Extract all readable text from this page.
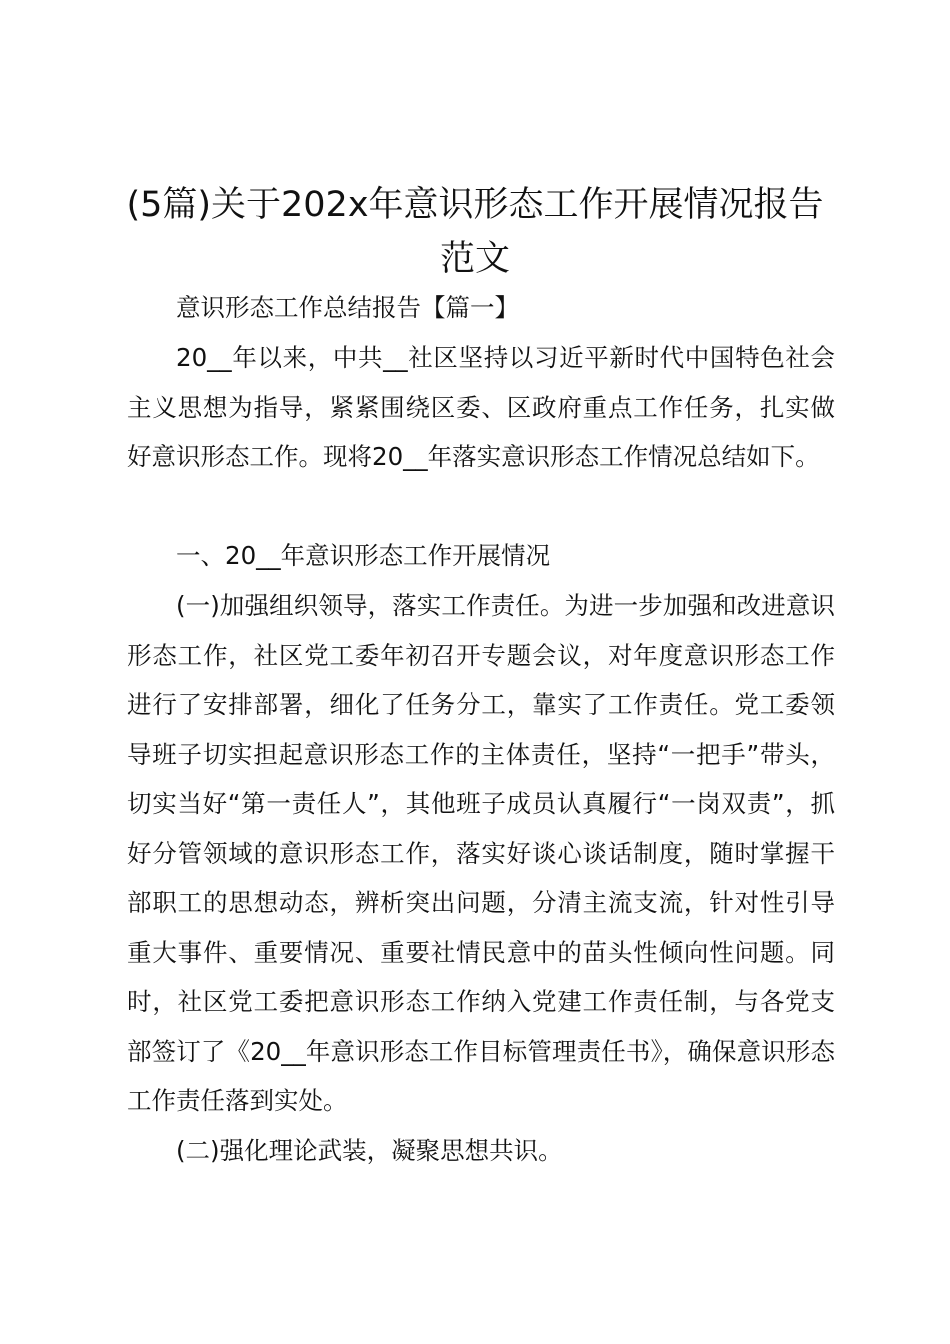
(5篇)关于202x年意识形态工作开展情况报告范文

意识形态工作总结报告【篇一】

20__年以来，中共__社区坚持以习近平新时代中国特色社会主义思想为指导，紧紧围绕区委、区政府重点工作任务，扎实做好意识形态工作。现将20__年落实意识形态工作情况总结如下。

一、20__年意识形态工作开展情况

(一)加强组织领导，落实工作责任。为进一步加强和改进意识形态工作，社区党工委年初召开专题会议，对年度意识形态工作进行了安排部署，细化了任务分工，靠实了工作责任。党工委领导班子切实担起意识形态工作的主体责任，坚持“一把手”带头，切实当好“第一责任人”，其他班子成员认真履行“一岗双责”，抓好分管领域的意识形态工作，落实好谈心谈话制度，随时掌握干部职工的思想动态，辨析突出问题，分清主流支流，针对性引导重大事件、重要情况、重要社情民意中的苗头性倾向性问题。同时，社区党工委把意识形态工作纳入党建工作责任制，与各党支部签订了《20__年意识形态工作目标管理责任书》，确保意识形态工作责任落到实处。

(二)强化理论武装，凝聚思想共识。
